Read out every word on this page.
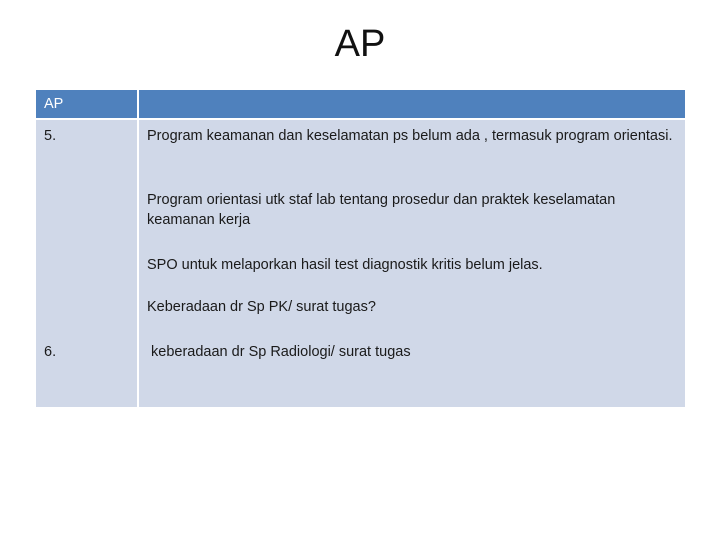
AP
AP
5.
6.
Program keamanan dan keselamatan ps belum ada , termasuk program orientasi.
Program orientasi utk staf lab tentang prosedur dan praktek keselamatan keamanan kerja
SPO untuk melaporkan hasil test diagnostik kritis belum jelas.
Keberadaan dr Sp PK/ surat tugas?
keberadaan dr Sp Radiologi/ surat tugas
